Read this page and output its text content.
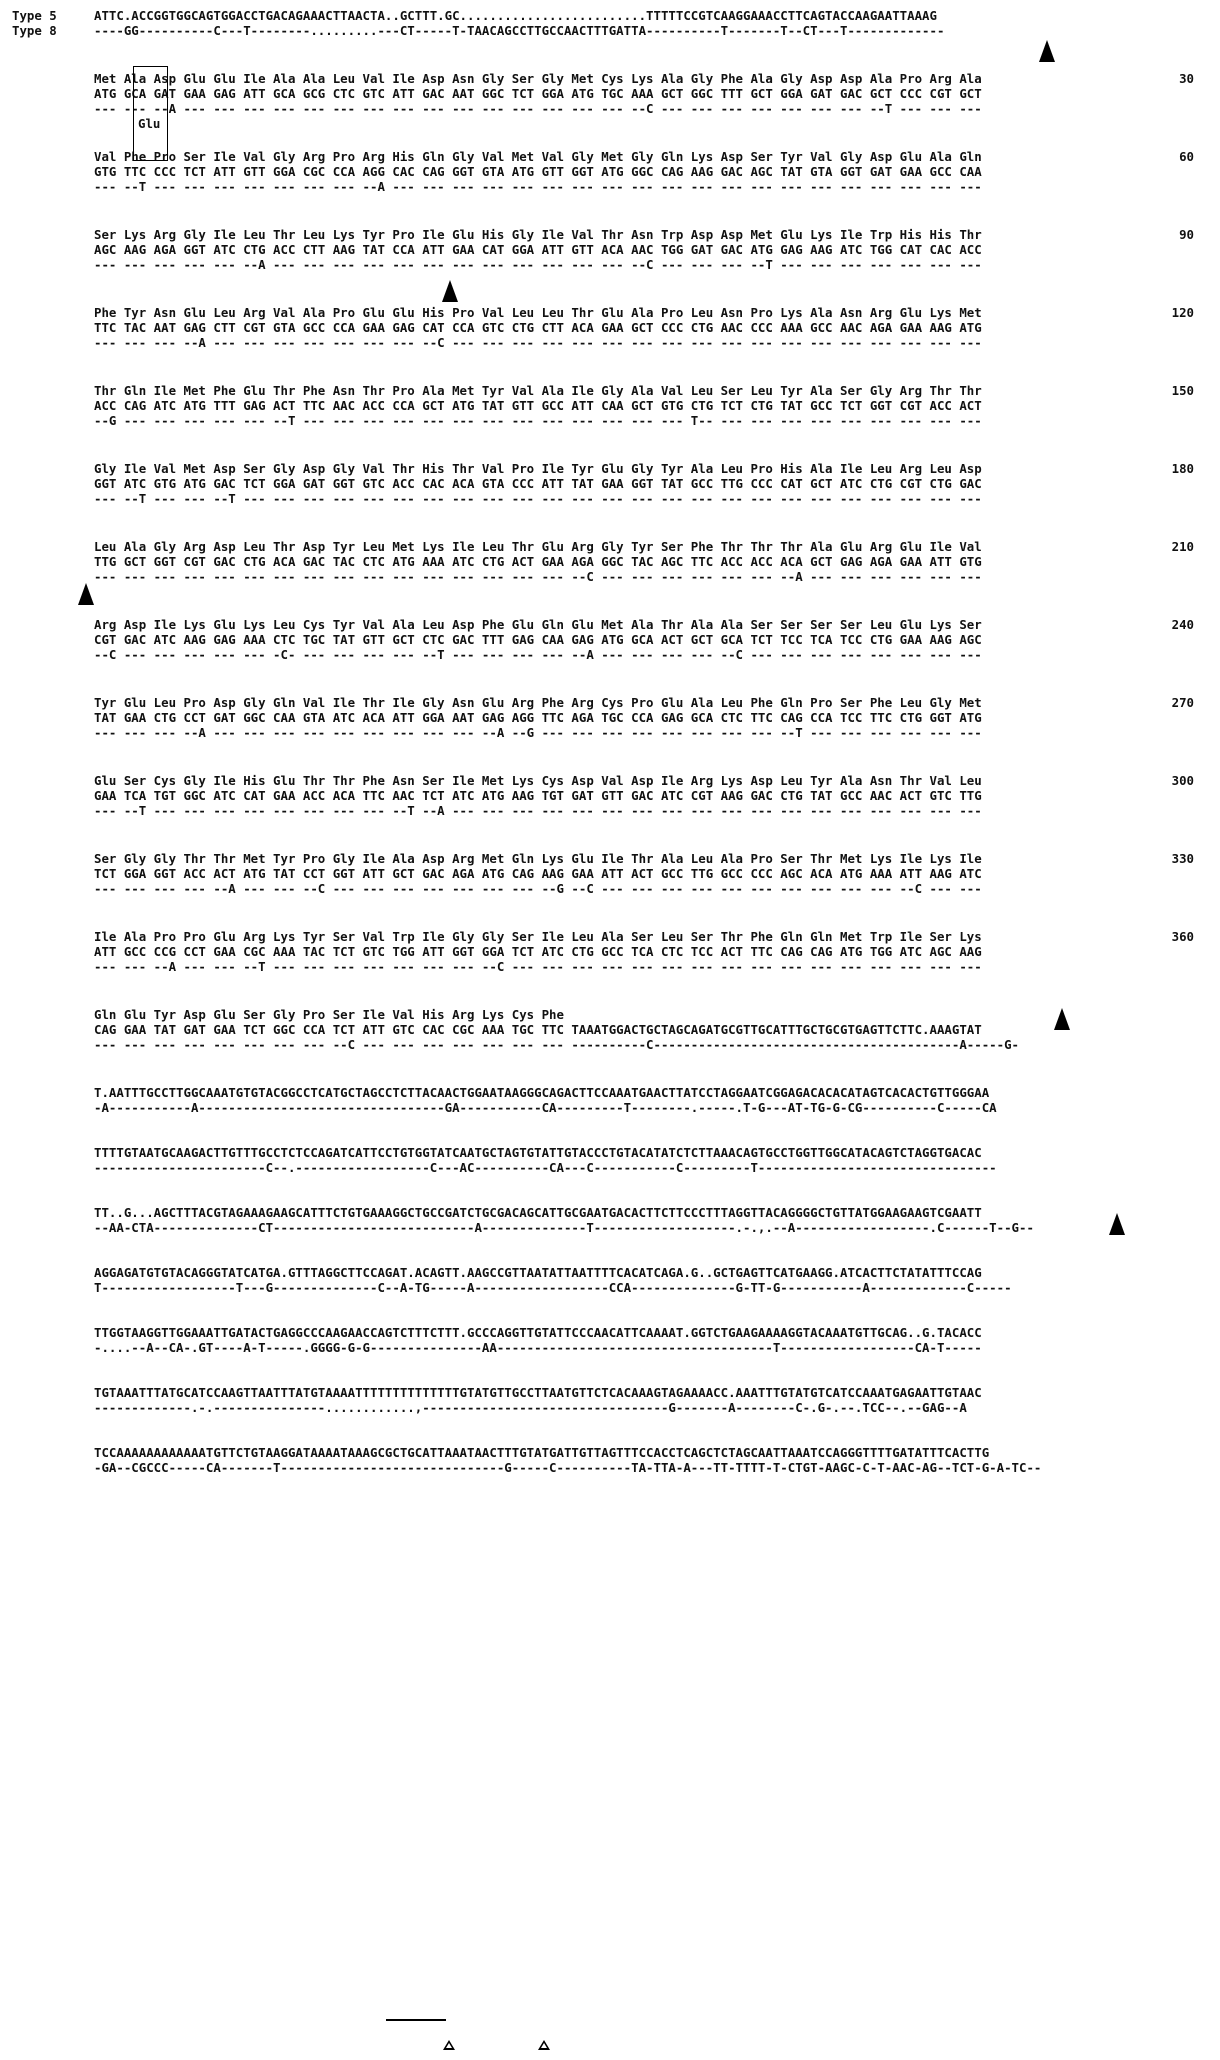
Type 5	ATTC.ACCGGTGGCAGTGGACCTGACAGAAACTTAACTA..GCTTT.GC.........................TTTTTCCGTCAAGGAAACCTTCAGTACCAAGAATTAAAG
Type 8	----GG----------C---T--------.........---CT-----T-TAACAGCCTTGCCAACTTTGATTA----------T-------T--CT---T-------------
Met Ala Asp Glu Glu Ile Ala Ala Leu Val Ile Asp Asn Gly Ser Gly Met Cys Lys Ala Gly Phe Ala Gly Asp Asp Ala Pro Arg Ala	30
ATG GCA GAT GAA GAG ATT GCA GCG CTC GTC ATT GAC AAT GGC TCT GGA ATG TGC AAA GCT GGC TTT GCT GGA GAT GAC GCT CCC CGT GCT
--- --- --A --- --- --- --- --- --- --- --- --- --- --- --- --- --- --- --C --- --- --- --- --- --- --- --T --- --- ---
Glu
Val Phe Pro Ser Ile Val Gly Arg Pro Arg His Gln Gly Val Met Val Gly Met Gly Gln Lys Asp Ser Tyr Val Gly Asp Glu Ala Gln	60
GTG TTC CCC TCT ATT GTT GGA CGC CCA AGG CAC CAG GGT GTA ATG GTT GGT ATG GGC CAG AAG GAC AGC TAT GTA GGT GAT GAA GCC CAA
--- --T --- --- --- --- --- --- --- --A --- --- --- --- --- --- --- --- --- --- --- --- --- --- --- --- --- --- --- ---
Ser Lys Arg Gly Ile Leu Thr Leu Lys Tyr Pro Ile Glu His Gly Ile Val Thr Asn Trp Asp Asp Met Glu Lys Ile Trp His His Thr	90
AGC AAG AGA GGT ATC CTG ACC CTT AAG TAT CCA ATT GAA CAT GGA ATT GTT ACA AAC TGG GAT GAC ATG GAG AAG ATC TGG CAT CAC ACC
--- --- --- --- --- --A --- --- --- --- --- --- --- --- --- --- --- --- --C --- --- --- --T --- --- --- --- --- --- ---
Phe Tyr Asn Glu Leu Arg Val Ala Pro Glu Glu His Pro Val Leu Leu Thr Glu Ala Pro Leu Asn Pro Lys Ala Asn Arg Glu Lys Met	120
TTC TAC AAT GAG CTT CGT GTA GCC CCA GAA GAG CAT CCA GTC CTG CTT ACA GAA GCT CCC CTG AAC CCC AAA GCC AAC AGA GAA AAG ATG
--- --- --- --A --- --- --- --- --- --- --- --C --- --- --- --- --- --- --- --- --- --- --- --- --- --- --- --- --- ---
Thr Gln Ile Met Phe Glu Thr Phe Asn Thr Pro Ala Met Tyr Val Ala Ile Gly Ala Val Leu Ser Leu Tyr Ala Ser Gly Arg Thr Thr	150
ACC CAG ATC ATG TTT GAG ACT TTC AAC ACC CCA GCT ATG TAT GTT GCC ATT CAA GCT GTG CTG TCT CTG TAT GCC TCT GGT CGT ACC ACT
--G --- --- --- --- --- --T --- --- --- --- --- --- --- --- --- --- --- --- --- T-- --- --- --- --- --- --- --- --- ---
Gly Ile Val Met Asp Ser Gly Asp Gly Val Thr His Thr Val Pro Ile Tyr Glu Gly Tyr Ala Leu Pro His Ala Ile Leu Arg Leu Asp	180
GGT ATC GTG ATG GAC TCT GGA GAT GGT GTC ACC CAC ACA GTA CCC ATT TAT GAA GGT TAT GCC TTG CCC CAT GCT ATC CTG CGT CTG GAC
--- --T --- --- --T --- --- --- --- --- --- --- --- --- --- --- --- --- --- --- --- --- --- --- --- --- --- --- --- ---
Leu Ala Gly Arg Asp Leu Thr Asp Tyr Leu Met Lys Ile Leu Thr Glu Arg Gly Tyr Ser Phe Thr Thr Thr Ala Glu Arg Glu Ile Val	210
TTG GCT GGT CGT GAC CTG ACA GAC TAC CTC ATG AAA ATC CTG ACT GAA AGA GGC TAC AGC TTC ACC ACC ACA GCT GAG AGA GAA ATT GTG
--- --- --- --- --- --- --- --- --- --- --- --- --- --- --- --- --C --- --- --- --- --- --- --A --- --- --- --- --- ---
Arg Asp Ile Lys Glu Lys Leu Cys Tyr Val Ala Leu Asp Phe Glu Gln Glu Met Ala Thr Ala Ala Ser Ser Ser Ser Leu Glu Lys Ser	240
CGT GAC ATC AAG GAG AAA CTC TGC TAT GTT GCT CTC GAC TTT GAG CAA GAG ATG GCA ACT GCT GCA TCT TCC TCA TCC CTG GAA AAG AGC
--C --- --- --- --- --- -C- --- --- --- --- --T --- --- --- --- --A --- --- --- --- --C --- --- --- --- --- --- --- ---
Tyr Glu Leu Pro Asp Gly Gln Val Ile Thr Ile Gly Asn Glu Arg Phe Arg Cys Pro Glu Ala Leu Phe Gln Pro Ser Phe Leu Gly Met	270
TAT GAA CTG CCT GAT GGC CAA GTA ATC ACA ATT GGA AAT GAG AGG TTC AGA TGC CCA GAG GCA CTC TTC CAG CCA TCC TTC CTG GGT ATG
--- --- --- --A --- --- --- --- --- --- --- --- --- --A --G --- --- --- --- --- --- --- --- --T --- --- --- --- --- ---
Glu Ser Cys Gly Ile His Glu Thr Thr Phe Asn Ser Ile Met Lys Cys Asp Val Asp Ile Arg Lys Asp Leu Tyr Ala Asn Thr Val Leu	300
GAA TCA TGT GGC ATC CAT GAA ACC ACA TTC AAC TCT ATC ATG AAG TGT GAT GTT GAC ATC CGT AAG GAC CTG TAT GCC AAC ACT GTC TTG
--- --T --- --- --- --- --- --- --- --- --T --A --- --- --- --- --- --- --- --- --- --- --- --- --- --- --- --- --- ---
Ser Gly Gly Thr Thr Met Tyr Pro Gly Ile Ala Asp Arg Met Gln Lys Glu Ile Thr Ala Leu Ala Pro Ser Thr Met Lys Ile Lys Ile	330
TCT GGA GGT ACC ACT ATG TAT CCT GGT ATT GCT GAC AGA ATG CAG AAG GAA ATT ACT GCC TTG GCC CCC AGC ACA ATG AAA ATT AAG ATC
--- --- --- --- --A --- --- --C --- --- --- --- --- --- --- --G --C --- --- --- --- --- --- --- --- --- --- --C --- ---
Ile Ala Pro Pro Glu Arg Lys Tyr Ser Val Trp Ile Gly Gly Ser Ile Leu Ala Ser Leu Ser Thr Phe Gln Gln Met Trp Ile Ser Lys	360
ATT GCC CCG CCT GAA CGC AAA TAC TCT GTC TGG ATT GGT GGA TCT ATC CTG GCC TCA CTC TCC ACT TTC CAG CAG ATG TGG ATC AGC AAG
--- --- --A --- --- --T --- --- --- --- --- --- --- --C --- --- --- --- --- --- --- --- --- --- --- --- --- --- --- ---
Gln Glu Tyr Asp Glu Ser Gly Pro Ser Ile Val His Arg Lys Cys Phe
CAG GAA TAT GAT GAA TCT GGC CCA TCT ATT GTC CAC CGC AAA TGC TTC TAAATGGACTGCTAGCAGATGCGTTGCATTTGCTGCGTGAGTTCTTC.AAAGTAT
--- --- --- --- --- --- --- --- --C --- --- --- --- --- --- --- ----------C-----------------------------------------A-----G-
T.AATTTGCCTTGGCAAATGTGTACGGCCTCATGCTAGCCTCTTACAACTGGAATAAGGGCAGACTTCCAAATGAACTTATCCTAGGAATCGGAGACACACATAGTCACACTGTTGGGAA
-A-----------A---------------------------------GA-----------CA---------T--------.-----.T-G---AT-TG-G-CG----------C-----CA
TTTTGTAATGCAAGACTTGTTTGCCTCTCCAGATCATTCCTGTGGTATCAATGCTAGTGTATTGTACCCTGTACATATCTCTTAAACAGTGCCTGGTTGGCATACAGTCTAGGTGACAC
-----------------------C--.------------------C---AC----------CA---C-----------C---------T--------------------------------
TT..G...AGCTTTACGTAGAAAGAAGCATTTCTGTGAAAGGCTGCCGATCTGCGACAGCATTGCGAATGACACTTCTTCCCTTTAGGTTACAGGGGCTGTTATGGAAGAAGTCGAATT
--AA-CTA--------------CT---------------------------A--------------T-------------------.-.,.--A------------------.C------T--G--
AGGAGATGTGTACAGGGTATCATGA.GTTTAGGCTTCCAGAT.ACAGTT.AAGCCGTTAATATTAATTTTCACATCAGA.G..GCTGAGTTCATGAAGG.ATCACTTCTATATTTCCAG
T------------------T---G--------------C--A-TG-----A------------------CCA--------------G-TT-G-----------A-------------C-----
TTGGTAAGGTTGGAAATTGATACTGAGGCCCAAGAACCAGTCTTTCTTT.GCCCAGGTTGTATTCCCAACATTCAAAAT.GGTCTGAAGAAAAGGTACAAATGTTGCAG..G.TACACC
-....--A--CA-.GT----A-T-----.GGGG-G-G---------------AA-------------------------------------T------------------CA-T-----
TGTAAATTTATGCATCCAAGTTAATTTATGTAAAATTTTTTTTTTTTTTGTATGTTGCCTTAATGTTCTCACAAAGTAGAAAACC.AAATTTGTATGTCATCCAAATGAGAATTGTAAC
-------------.-.---------------............,---------------------------------G-------A--------C-.G-.--.TCC--.--GAG--A
TCCAAAAAAAAAAAATGTTCTGTAAGGATAAAATAAAGCGCTGCATTAAATAACTTTGTATGATTGTTAGTTTCCACCTCAGCTCTAGCAATTAAATCCAGGGTTTTGATATTTCACTTG
-GA--CGCCC-----CA-------T------------------------------G-----C----------TA-TTA-A---TT-TTTT-T-CTGT-AAGC-C-T-AAC-AG--TCT-G-A-TC--
